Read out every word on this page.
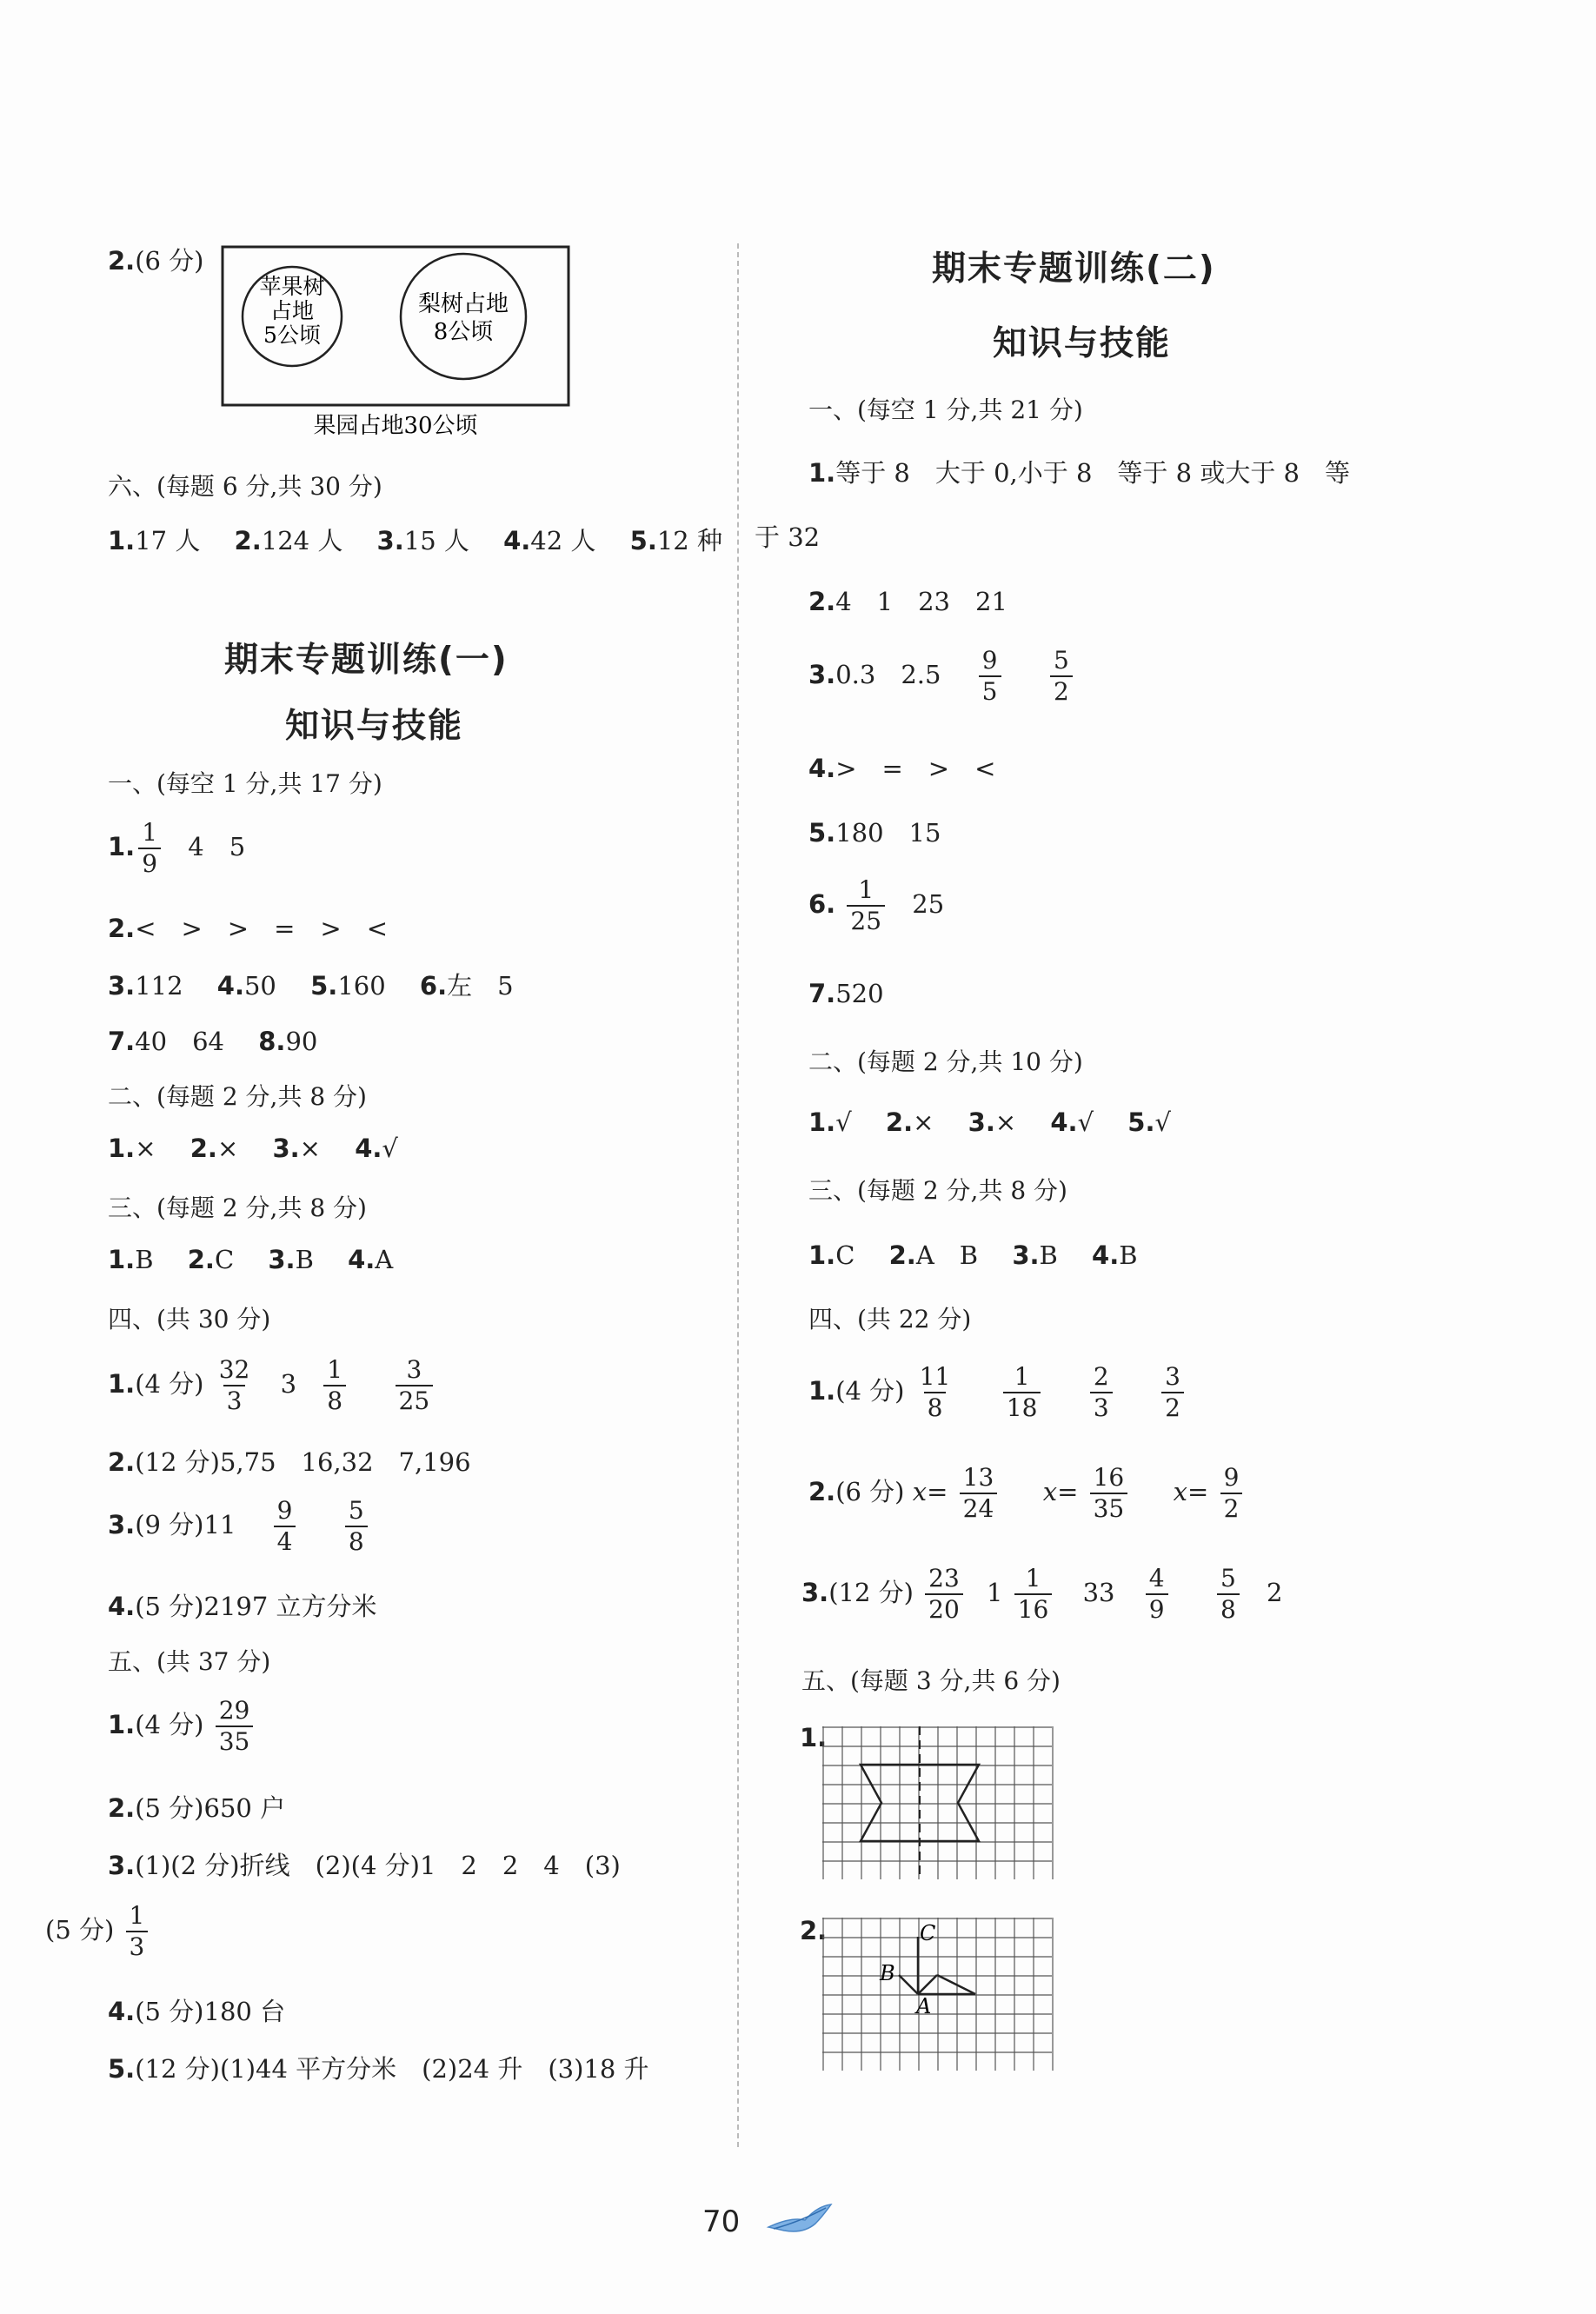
2.(6 分)
苹果树
占地
5公顷
梨树占地
8公顷
果园占地30公顷
六、(每题 6 分,共 30 分)
1.17 人 2.124 人 3.15 人 4.42 人 5.12 种
期末专题训练(一)
知识与技能
一、(每空 1 分,共 17 分)
1. $\frac{1}{9} 4$　5
2.<　>　>　=　>　<
3.112 4.50 5.160 6.左　5
7.40　64 8.90
二、(每题 2 分,共 8 分)
1.× 2.× 3.× 4.√
三、(每题 2 分,共 8 分)
1.B 2.C 3.B 4.A
四、(共 30 分)
1.(4 分) $\frac{32}{3} 3 \frac{1}{8}$
$\frac{3}{25}$
2.(12 分)5,75　16,32　7,196
3.(9 分)$11 \frac{9}{4}$
$\frac{5}{8}$
4.(5 分)2197 立方分米
五、(共 37 分)
1.(4 分) $\frac{29}{35}$
2.(5 分)650 户
3.(1)(2 分)折线　(2)(4 分)1　2　2　4　(3)
(5 分) $\frac{1}{3}$
4.(5 分)180 台
5.(12 分)(1)44 平方分米　(2)24 升　(3)18 升
期末专题训练(二)
知识与技能
一、(每空 1 分,共 21 分)
1.等于 8　大于 0,小于 8　等于 8 或大于 8　等
于 32
2.4　1　23　21
3.0.3　$2.5 \frac{9}{5}$
$\frac{5}{2}$
4.>　=　>　<
5.180　15
6. $\frac{1}{25} 25$
7.520
二、(每题 2 分,共 10 分)
1.√ 2.× 3.× 4.√ 5.√
三、(每题 2 分,共 8 分)
1.C 2.A　B 3.B 4.B
四、(共 22 分)
1.(4 分) $\frac{11}{8}$
$\frac{1}{18}$
$\frac{2}{3}$
$\frac{3}{2}$
2.(6 分) $x= \frac{13}{24} x= \frac{16}{35} x= \frac{9}{2}$
3.(12 分) $\frac{23}{20} 1 \frac{1}{16} 33 \frac{4}{9}$
$\frac{5}{8} 2$
五、(每题 3 分,共 6 分)
1.
2.	C
B
A
70
